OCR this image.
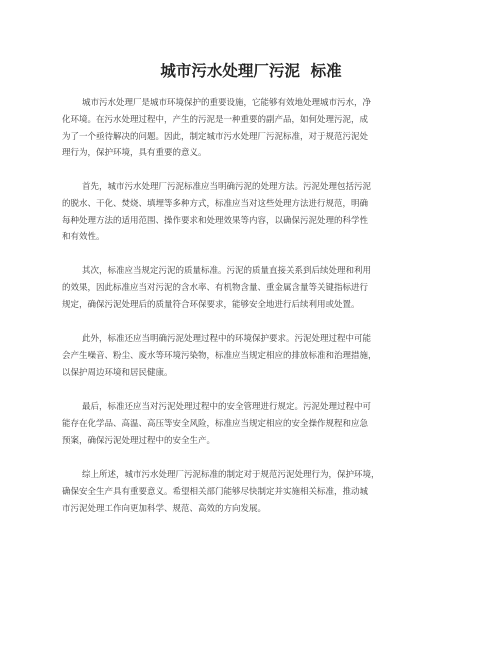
城市污水处理厂污泥  标准
城市污水处理厂是城市环境保护的重要设施，它能够有效地处理城市污水，净
化环境。在污水处理过程中，产生的污泥是一种重要的副产品，如何处理污泥，成
为了一个亟待解决的问题。因此，制定城市污水处理厂污泥标准，对于规范污泥处
理行为，保护环境，具有重要的意义。
首先，城市污水处理厂污泥标准应当明确污泥的处理方法。污泥处理包括污泥
的脱水、干化、焚烧、填埋等多种方式，标准应当对这些处理方法进行规范，明确
每种处理方法的适用范围、操作要求和处理效果等内容，以确保污泥处理的科学性
和有效性。
其次，标准应当规定污泥的质量标准。污泥的质量直接关系到后续处理和利用
的效果，因此标准应当对污泥的含水率、有机物含量、重金属含量等关键指标进行
规定，确保污泥处理后的质量符合环保要求，能够安全地进行后续利用或处置。
此外，标准还应当明确污泥处理过程中的环境保护要求。污泥处理过程中可能
会产生噪音、粉尘、废水等环境污染物，标准应当规定相应的排放标准和治理措施，
以保护周边环境和居民健康。
最后，标准还应当对污泥处理过程中的安全管理进行规定。污泥处理过程中可
能存在化学品、高温、高压等安全风险，标准应当规定相应的安全操作规程和应急
预案，确保污泥处理过程中的安全生产。
综上所述，城市污水处理厂污泥标准的制定对于规范污泥处理行为，保护环境，
确保安全生产具有重要意义。希望相关部门能够尽快制定并实施相关标准，推动城
市污泥处理工作向更加科学、规范、高效的方向发展。
